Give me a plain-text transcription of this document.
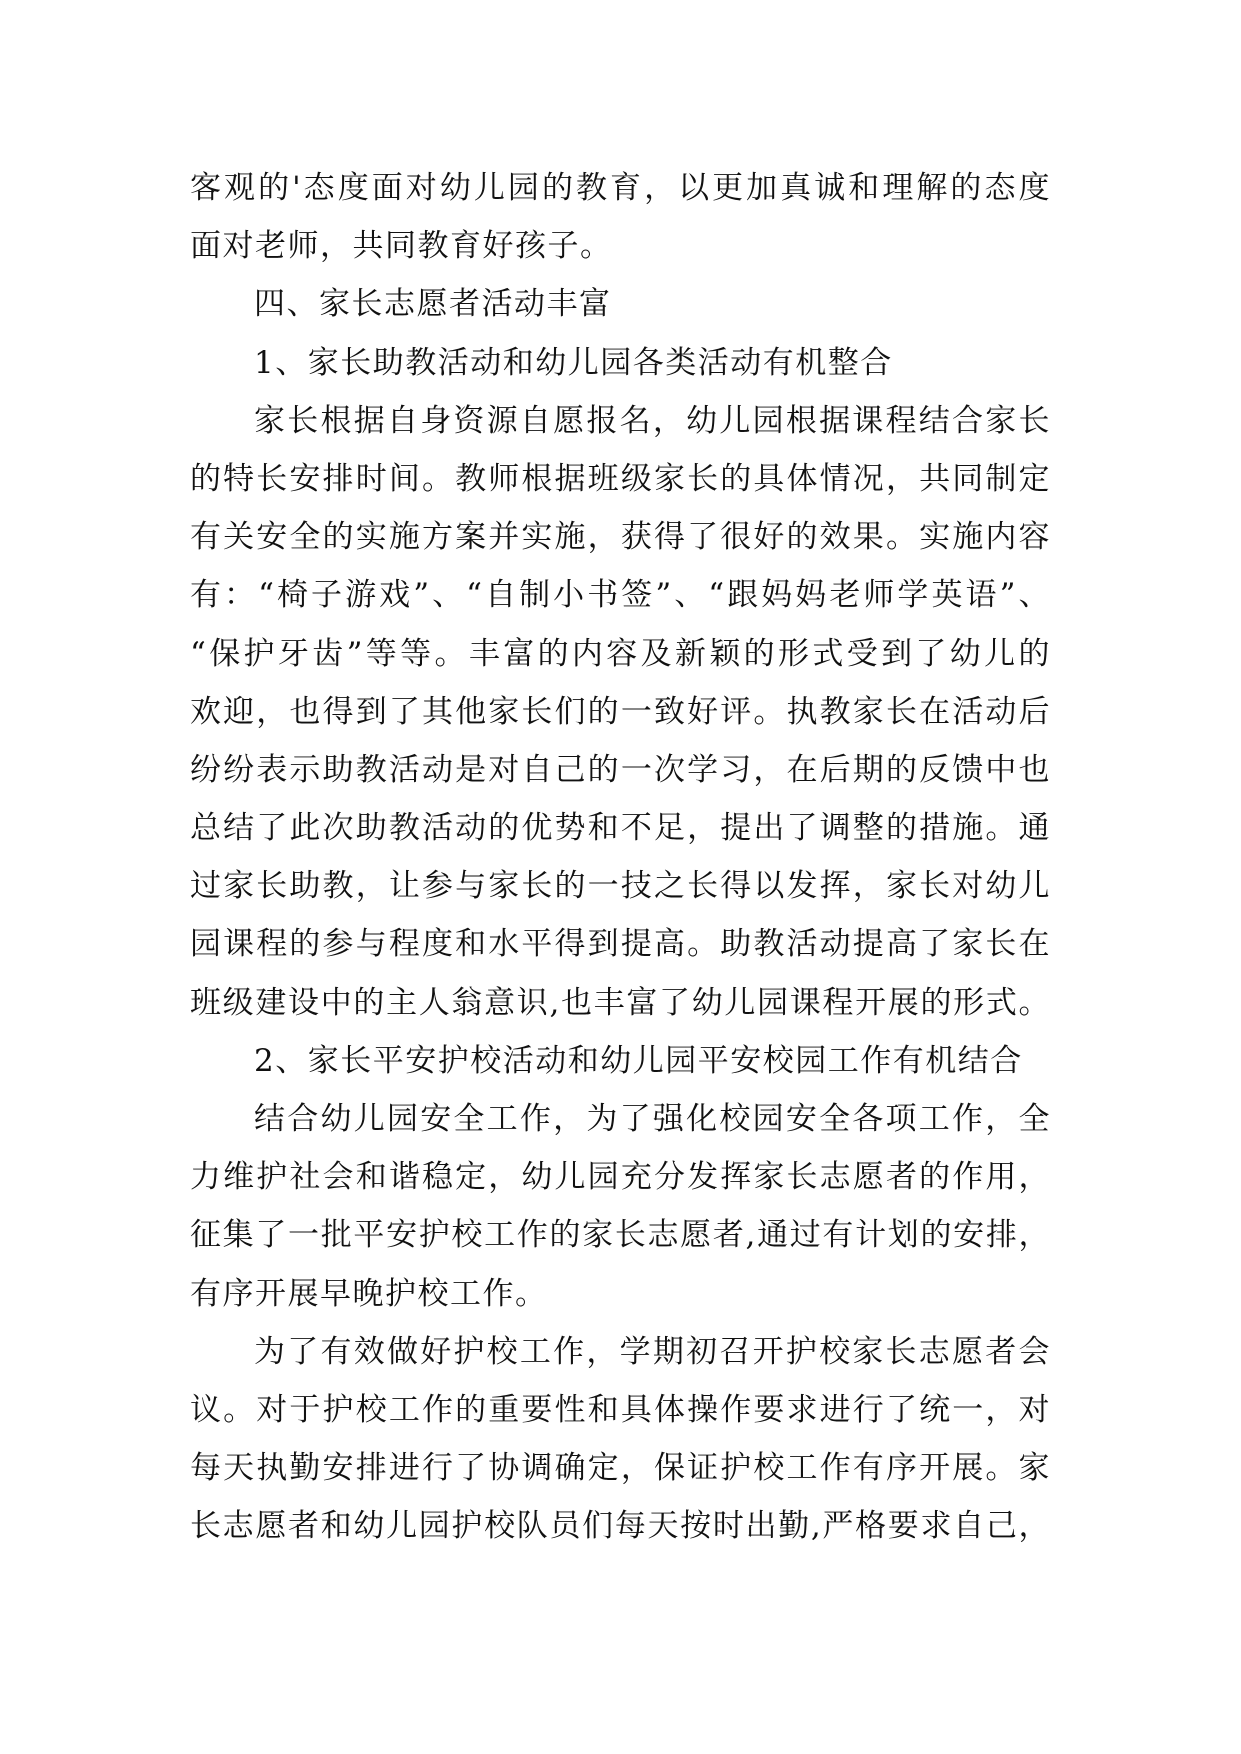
客观的'态度面对幼儿园的教育，以更加真诚和理解的态度
面对老师，共同教育好孩子。
四、家长志愿者活动丰富
1、家长助教活动和幼儿园各类活动有机整合
家长根据自身资源自愿报名，幼儿园根据课程结合家长
的特长安排时间。教师根据班级家长的具体情况，共同制定
有关安全的实施方案并实施，获得了很好的效果。实施内容
有：“椅子游戏”、“自制小书签”、“跟妈妈老师学英语”、
“保护牙齿”等等。丰富的内容及新颖的形式受到了幼儿的
欢迎，也得到了其他家长们的一致好评。执教家长在活动后
纷纷表示助教活动是对自己的一次学习，在后期的反馈中也
总结了此次助教活动的优势和不足，提出了调整的措施。通
过家长助教，让参与家长的一技之长得以发挥，家长对幼儿
园课程的参与程度和水平得到提高。助教活动提高了家长在
班级建设中的主人翁意识,也丰富了幼儿园课程开展的形式。
2、家长平安护校活动和幼儿园平安校园工作有机结合
结合幼儿园安全工作，为了强化校园安全各项工作，全
力维护社会和谐稳定，幼儿园充分发挥家长志愿者的作用，
征集了一批平安护校工作的家长志愿者,通过有计划的安排，
有序开展早晚护校工作。
为了有效做好护校工作，学期初召开护校家长志愿者会
议。对于护校工作的重要性和具体操作要求进行了统一，对
每天执勤安排进行了协调确定，保证护校工作有序开展。家
长志愿者和幼儿园护校队员们每天按时出勤,严格要求自己，
